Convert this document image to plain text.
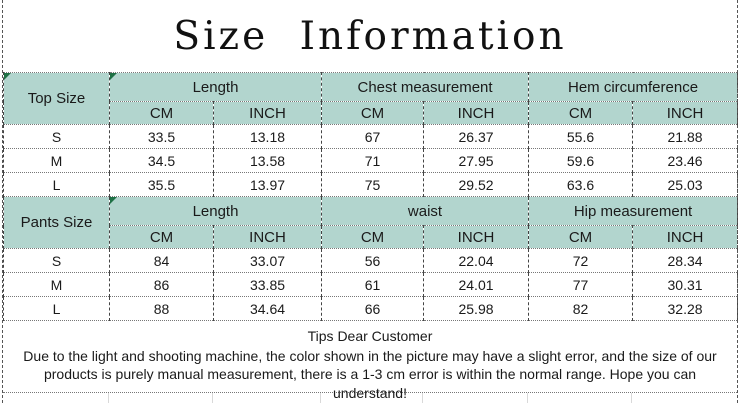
Size Information
Top Size	Length		Chest measurement		Hem circumference	
	CM	INCH	CM	INCH	CM	INCH
S	33.5	13.18	67	26.37	55.6	21.88
M	34.5	13.58	71	27.95	59.6	23.46
L	35.5	13.97	75	29.52	63.6	25.03
Pants Size	Length		waist		Hip measurement	
	CM	INCH	CM	INCH	CM	INCH
S	84	33.07	56	22.04	72	28.34
M	86	33.85	61	24.01	77	30.31
L	88	34.64	66	25.98	82	32.28
Tips Dear Customer
Due to the light and shooting machine, the color shown in the picture may have a slight error, and the size of our products is purely manual measurement, there is a 1-3 cm error is within the normal range. Hope you can understand!
